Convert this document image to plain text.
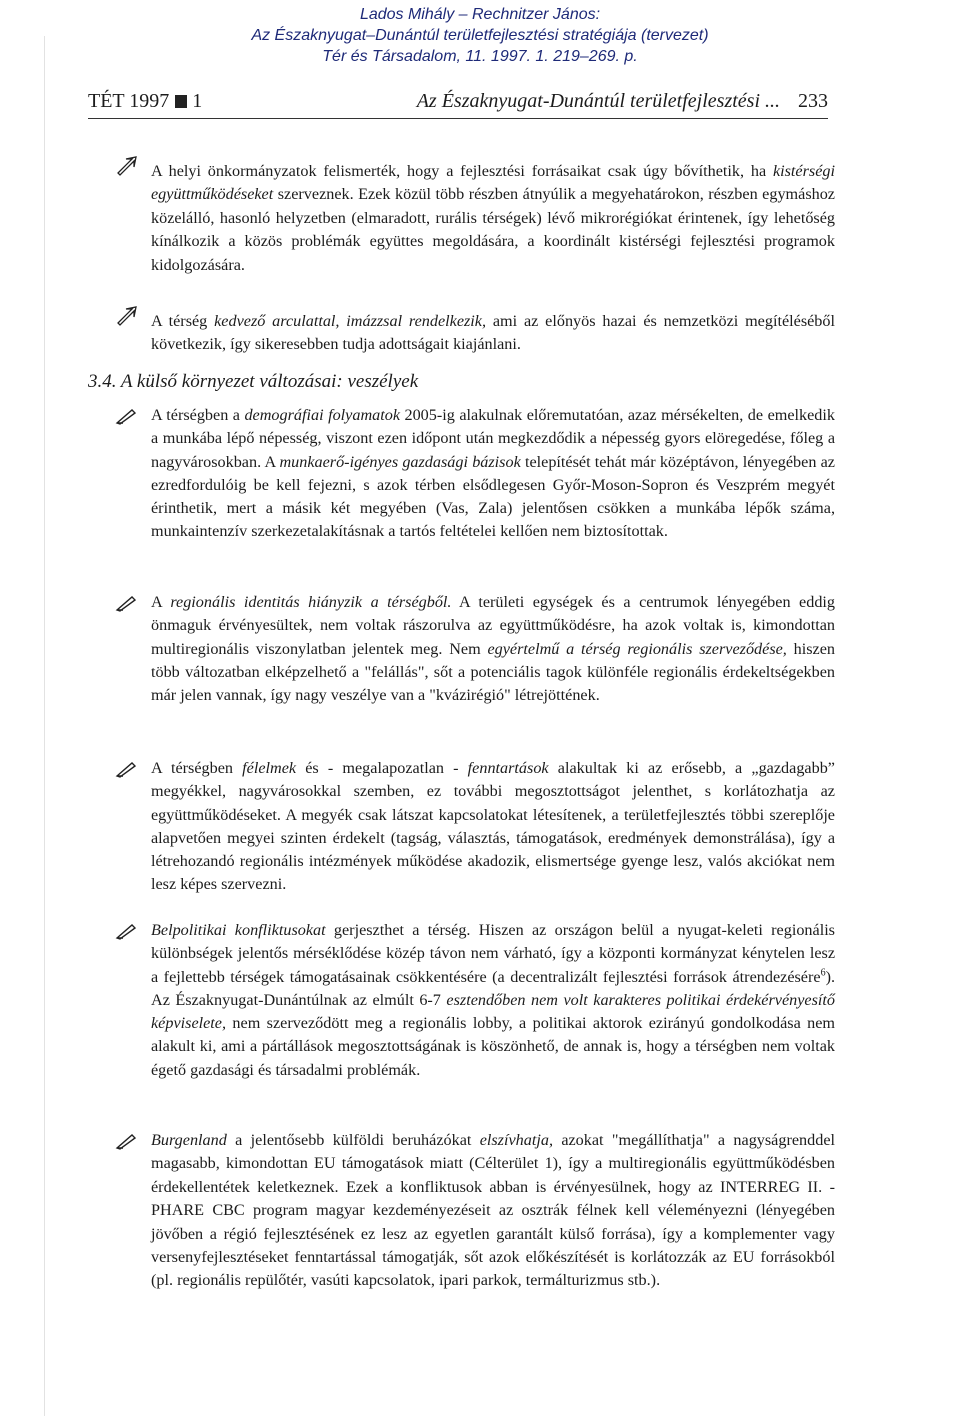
Lados Mihály – Rechnitzer János:
Az Északnyugat–Dunántúl területfejlesztési stratégiája (tervezet)
Tér és Társadalom, 11. 1997. 1. 219–269. p.
TÉT 1997 1	Az Északnyugat-Dunántúl területfejlesztési ... 233

A helyi önkormányzatok felismerték, hogy a fejlesztési forrásaikat csak úgy bővíthetik, ha kistérségi együttműködéseket szerveznek. Ezek közül több részben átnyúlik a megyehatárokon, részben egymáshoz közelálló, hasonló helyzetben (elmaradott, rurális térségek) lévő mikrorégiókat érintenek, így lehetőség kínálkozik a közös problémák együttes megoldására, a koordinált kistérségi fejlesztési programok kidolgozására.

A térség kedvező arculattal, imázzsal rendelkezik, ami az előnyös hazai és nemzetközi megítéléséből következik, így sikeresebben tudja adottságait kiajánlani.

3.4. A külső környezet változásai: veszélyek

A térségben a demográfiai folyamatok 2005-ig alakulnak előremutatóan, azaz mérsékelten, de emelkedik a munkába lépő népesség, viszont ezen időpont után megkezdődik a népesség gyors elöregedése, főleg a nagyvárosokban. A munkaerő-igényes gazdasági bázisok telepítését tehát már középtávon, lényegében az ezredfordulóig be kell fejezni, s azok térben elsődlegesen Győr-Moson-Sopron és Veszprém megyét érinthetik, mert a másik két megyében (Vas, Zala) jelentősen csökken a munkába lépők száma, munkaintenzív szerkezetalakításnak a tartós feltételei kellően nem biztosítottak.

A regionális identitás hiányzik a térségből. A területi egységek és a centrumok lényegében eddig önmaguk érvényesültek, nem voltak rászorulva az együttműködésre, ha azok voltak is, kimondottan multiregionális viszonylatban jelentek meg. Nem egyértelmű a térség regionális szerveződése, hiszen több változatban elképzelhető a "felállás", sőt a potenciális tagok különféle regionális érdekeltségekben már jelen vannak, így nagy veszélye van a "kvázirégió" létrejöttének.

A térségben félelmek és - megalapozatlan - fenntartások alakultak ki az erősebb, a „gazdagabb” megyékkel, nagyvárosokkal szemben, ez további megosztottságot jelenthet, s korlátozhatja az együttműködéseket. A megyék csak látszat kapcsolatokat létesítenek, a területfejlesztés többi szereplője alapvetően megyei szinten érdekelt (tagság, választás, támogatások, eredmények demonstrálása), így a létrehozandó regionális intézmények működése akadozik, elismertsége gyenge lesz, valós akciókat nem lesz képes szervezni.

Belpolitikai konfliktusokat gerjeszthet a térség. Hiszen az országon belül a nyugat-keleti regionális különbségek jelentős mérséklődése közép távon nem várható, így a központi kormányzat kénytelen lesz a fejlettebb térségek támogatásainak csökkentésére (a decentralizált fejlesztési források átrendezésére$^6$). Az Északnyugat-Dunántúlnak az elmúlt 6-7 esztendőben nem volt karakteres politikai érdekérvényesítő képviselete, nem szerveződött meg a regionális lobby, a politikai aktorok ezirányú gondolkodása nem alakult ki, ami a pártállások megosztottságának is köszönhető, de annak is, hogy a térségben nem voltak égető gazdasági és társadalmi problémák.

Burgenland a jelentősebb külföldi beruházókat elszívhatja, azokat "megállíthatja" a nagyságrenddel magasabb, kimondottan EU támogatások miatt (Célterület 1), így a multiregionális együttműködésben érdekellentétek keletkeznek. Ezek a konfliktusok abban is érvényesülnek, hogy az INTERREG II. - PHARE CBC program magyar kezdeményezéseit az osztrák félnek kell véleményezni (lényegében jövőben a régió fejlesztésének ez lesz az egyetlen garantált külső forrása), így a komplementer vagy versenyfejlesztéseket fenntartással támogatják, sőt azok előkészítését is korlátozzák az EU forrásokból (pl. regionális repülőtér, vasúti kapcsolatok, ipari parkok, termálturizmus stb.).
